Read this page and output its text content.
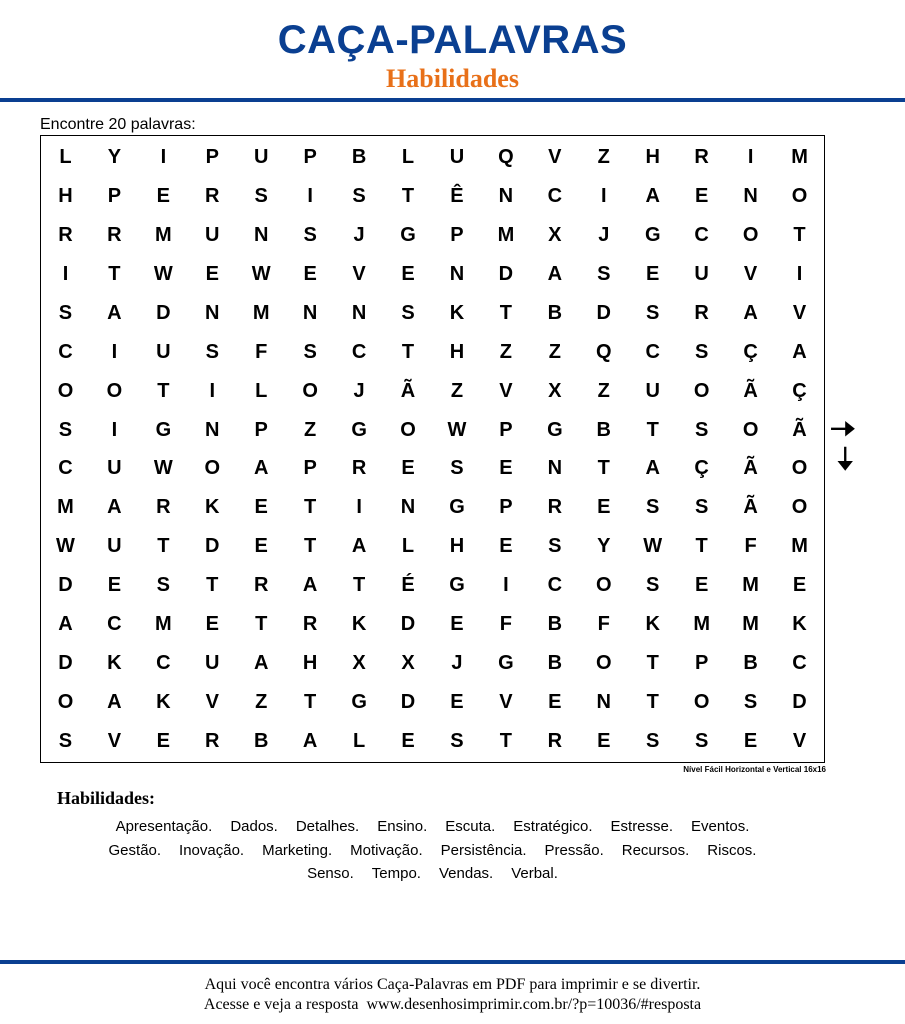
CAÇA-PALAVRAS
Habilidades
Encontre 20 palavras:
L	Y	I	P	U	P	B	L	U	Q	V	Z	H	R	I	M
H	P	E	R	S	I	S	T	Ê	N	C	I	A	E	N	O
R	R	M	U	N	S	J	G	P	M	X	J	G	C	O	T
I	T	W	E	W	E	V	E	N	D	A	S	E	U	V	I
S	A	D	N	M	N	N	S	K	T	B	D	S	R	A	V
C	I	U	S	F	S	C	T	H	Z	Z	Q	C	S	Ç	A
O	O	T	I	L	O	J	Ã	Z	V	X	Z	U	O	Ã	Ç
S	I	G	N	P	Z	G	O	W	P	G	B	T	S	O	Ã
C	U	W	O	A	P	R	E	S	E	N	T	A	Ç	Ã	O
M	A	R	K	E	T	I	N	G	P	R	E	S	S	Ã	O
W	U	T	D	E	T	A	L	H	E	S	Y	W	T	F	M
D	E	S	T	R	A	T	É	G	I	C	O	S	E	M	E
A	C	M	E	T	R	K	D	E	F	B	F	K	M	M	K
D	K	C	U	A	H	X	X	J	G	B	O	T	P	B	C
O	A	K	V	Z	T	G	D	E	V	E	N	T	O	S	D
S	V	E	R	B	A	L	E	S	T	R	E	S	S	E	V
Nível Fácil Horizontal e Vertical 16x16
🠢
🠣
Habilidades:
Apresentação. Dados. Detalhes. Ensino. Escuta. Estratégico. Estresse. Eventos.
Gestão. Inovação. Marketing. Motivação. Persistência. Pressão. Recursos. Riscos.
Senso. Tempo. Vendas. Verbal.
Aqui você encontra vários Caça-Palavras em PDF para imprimir e se divertir.
Acesse e veja a resposta  www.desenhosimprimir.com.br/?p=10036/#resposta
